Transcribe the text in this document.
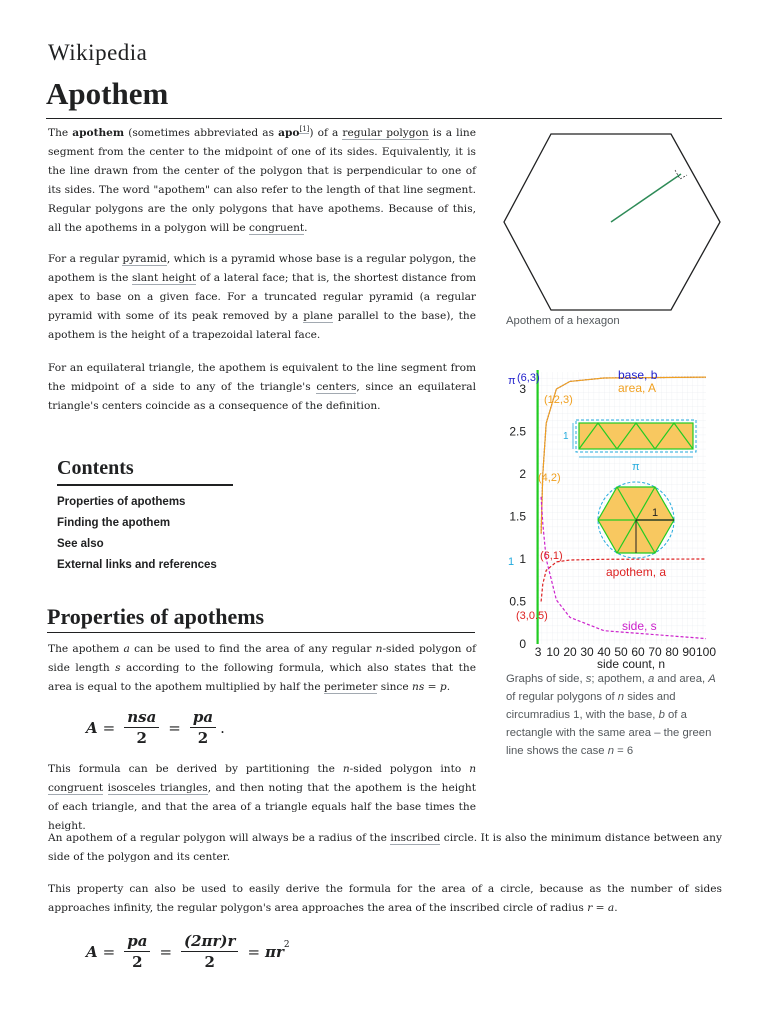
Wikipedia
Apothem

The apothem (sometimes abbreviated as apo[1]) of a regular polygon is a line segment from the center to the midpoint of one of its sides. Equivalently, it is the line drawn from the center of the polygon that is perpendicular to one of its sides. The word "apothem" can also refer to the length of that line segment. Regular polygons are the only polygons that have apothems. Because of this, all the apothems in a polygon will be congruent.

For a regular pyramid, which is a pyramid whose base is a regular polygon, the apothem is the slant height of a lateral face; that is, the shortest distance from apex to base on a given face. For a truncated regular pyramid (a regular pyramid with some of its peak removed by a plane parallel to the base), the apothem is the height of a trapezoidal lateral face.

For an equilateral triangle, the apothem is equivalent to the line segment from the midpoint of a side to any of the triangle's centers, since an equilateral triangle's centers coincide as a consequence of the definition.

Contents
Properties of apothems
Finding the apothem
See also
External links and references
Properties of apothems

The apothem a can be used to find the area of any regular n-sided polygon of side length s according to the following formula, which also states that the area is equal to the apothem multiplied by half the perimeter since ns = p.

$A = \frac{\text{nsa}}{2} = \frac{pa}{2}$ .

This formula can be derived by partitioning the n-sided polygon into n congruent isosceles triangles, and then noting that the apothem is the height of each triangle, and that the area of a triangle equals half the base times the height.

An apothem of a regular polygon will always be a radius of the inscribed circle. It is also the minimum distance between any side of the polygon and its center.

This property can also be used to easily derive the formula for the area of a circle, because as the number of sides approaches infinity, the regular polygon's area approaches the area of the inscribed circle of radius r = a.

$A = \frac{pa}{2} = \frac{(2\pi r)r}{2} = \pi r^2$
Apothem of a hexagon
0
0.5
1
1.5
2
2.5
3
3 10 20 30 40 50 60 70 80 90 100
1
π
1
base, b
area, A
apothem, a
side, s
π (6,3)
(12,3)
(4,2)
(6,1)
(3,0.5)
1
side count, n
Graphs of side, s; apothem, a and area, A of regular polygons of n sides and circumradius 1, with the base, b of a rectangle with the same area – the green line shows the case n = 6
